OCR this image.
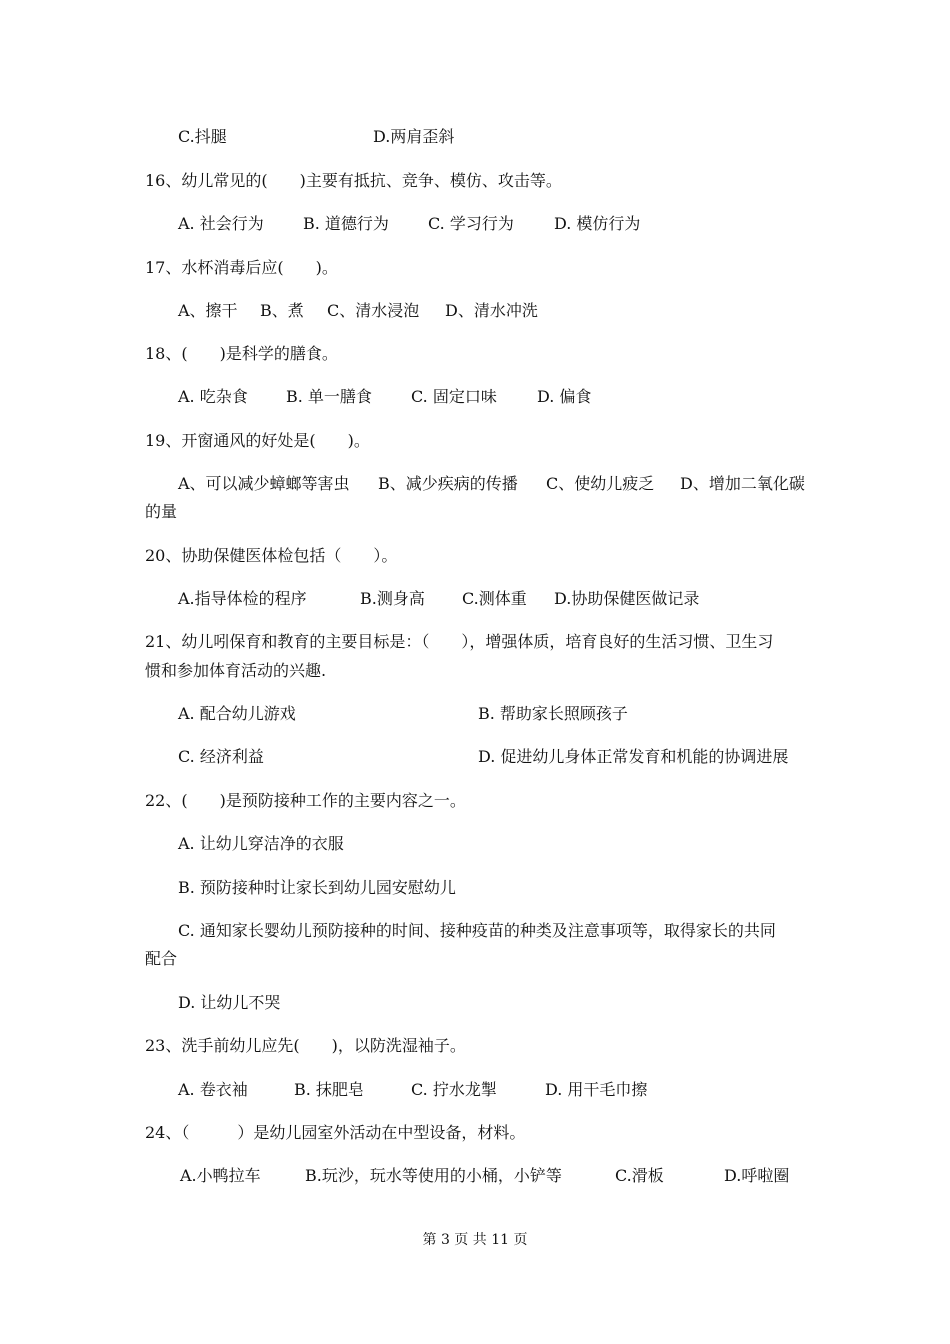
C.抖腿	D.两肩歪斜
16、幼儿常见的(　　)主要有抵抗、竞争、模仿、攻击等。
A. 社会行为 B. 道德行为 C. 学习行为	D. 模仿行为
17、水杯消毒后应(　　)。
A、擦干 B、煮 C、清水浸泡 D、清水冲洗
18、(　　)是科学的膳食。
A. 吃杂食 B. 单一膳食 C. 固定口味	D. 偏食
19、开窗通风的好处是(　　)。
A、可以减少蟑螂等害虫 B、减少疾病的传播 C、使幼儿疲乏 D、增加二氧化碳
的量
20、协助保健医体检包括（　　）。
A.指导体检的程序	B.测身高 C.测体重 D.协助保健医做记录
21、幼儿吲保育和教育的主要目标是：（　　），增强体质，培育良好的生活习惯、卫生习
惯和参加体育活动的兴趣.
A. 配合幼儿游戏	B. 帮助家长照顾孩子
C. 经济利益	D. 促进幼儿身体正常发育和机能的协调进展
22、(　　)是预防接种工作的主要内容之一。
A. 让幼儿穿洁净的衣服
B. 预防接种时让家长到幼儿园安慰幼儿
C. 通知家长婴幼儿预防接种的时间、接种疫苗的种类及注意事项等，取得家长的共同
配合
D. 让幼儿不哭
23、洗手前幼儿应先(　　)，以防洗湿袖子。
A. 卷衣袖	B. 抹肥皂	C. 拧水龙掣	D. 用干毛巾擦
24、（　　　）是幼儿园室外活动在中型设备，材料。
A.小鸭拉车	B.玩沙，玩水等使用的小桶，小铲等	C.滑板	D.呼啦圈
第 3 页 共 11 页
